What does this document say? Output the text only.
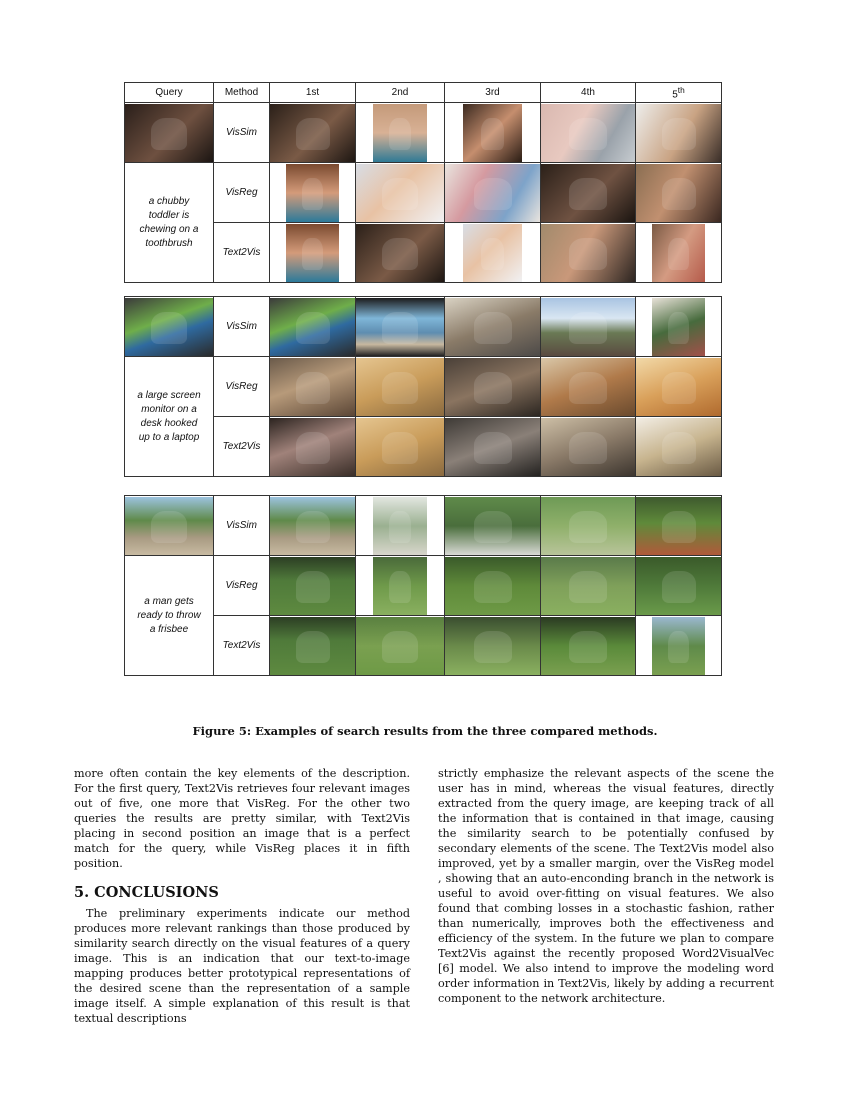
Query	Method	1st	2nd	3rd	4th	5th

	VisSim	

a chubby toddler is chewing on a toothbrush	VisReg	

	Text2Vis	

	VisSim	

a large screen monitor on a desk hooked up to a laptop	VisReg	

	Text2Vis	

	VisSim	

a man gets ready to throw a frisbee	VisReg	

	Text2Vis	

Figure 5: Examples of search results from the three compared methods.

more often contain the key elements of the description. For the first query, Text2Vis retrieves four relevant images out of five, one more that VisReg. For the other two queries the results are pretty similar, with Text2Vis placing in second position an image that is a perfect match for the query, while VisReg places it in fifth position.

5. CONCLUSIONS

The preliminary experiments indicate our method produces more relevant rankings than those produced by similarity search directly on the visual features of a query image. This is an indication that our text-to-image mapping produces better prototypical representations of the desired scene than the representation of a sample image itself. A simple explanation of this result is that textual descriptions

strictly emphasize the relevant aspects of the scene the user has in mind, whereas the visual features, directly extracted from the query image, are keeping track of all the information that is contained in that image, causing the similarity search to be potentially confused by secondary elements of the scene. The Text2Vis model also improved, yet by a smaller margin, over the VisReg model , showing that an auto-enconding branch in the network is useful to avoid over-fitting on visual features. We also found that combing losses in a stochastic fashion, rather than numerically, improves both the effectiveness and efficiency of the system. In the future we plan to compare Text2Vis against the recently proposed Word2VisualVec [6] model. We also intend to improve the modeling word order information in Text2Vis, likely by adding a recurrent component to the network architecture.
